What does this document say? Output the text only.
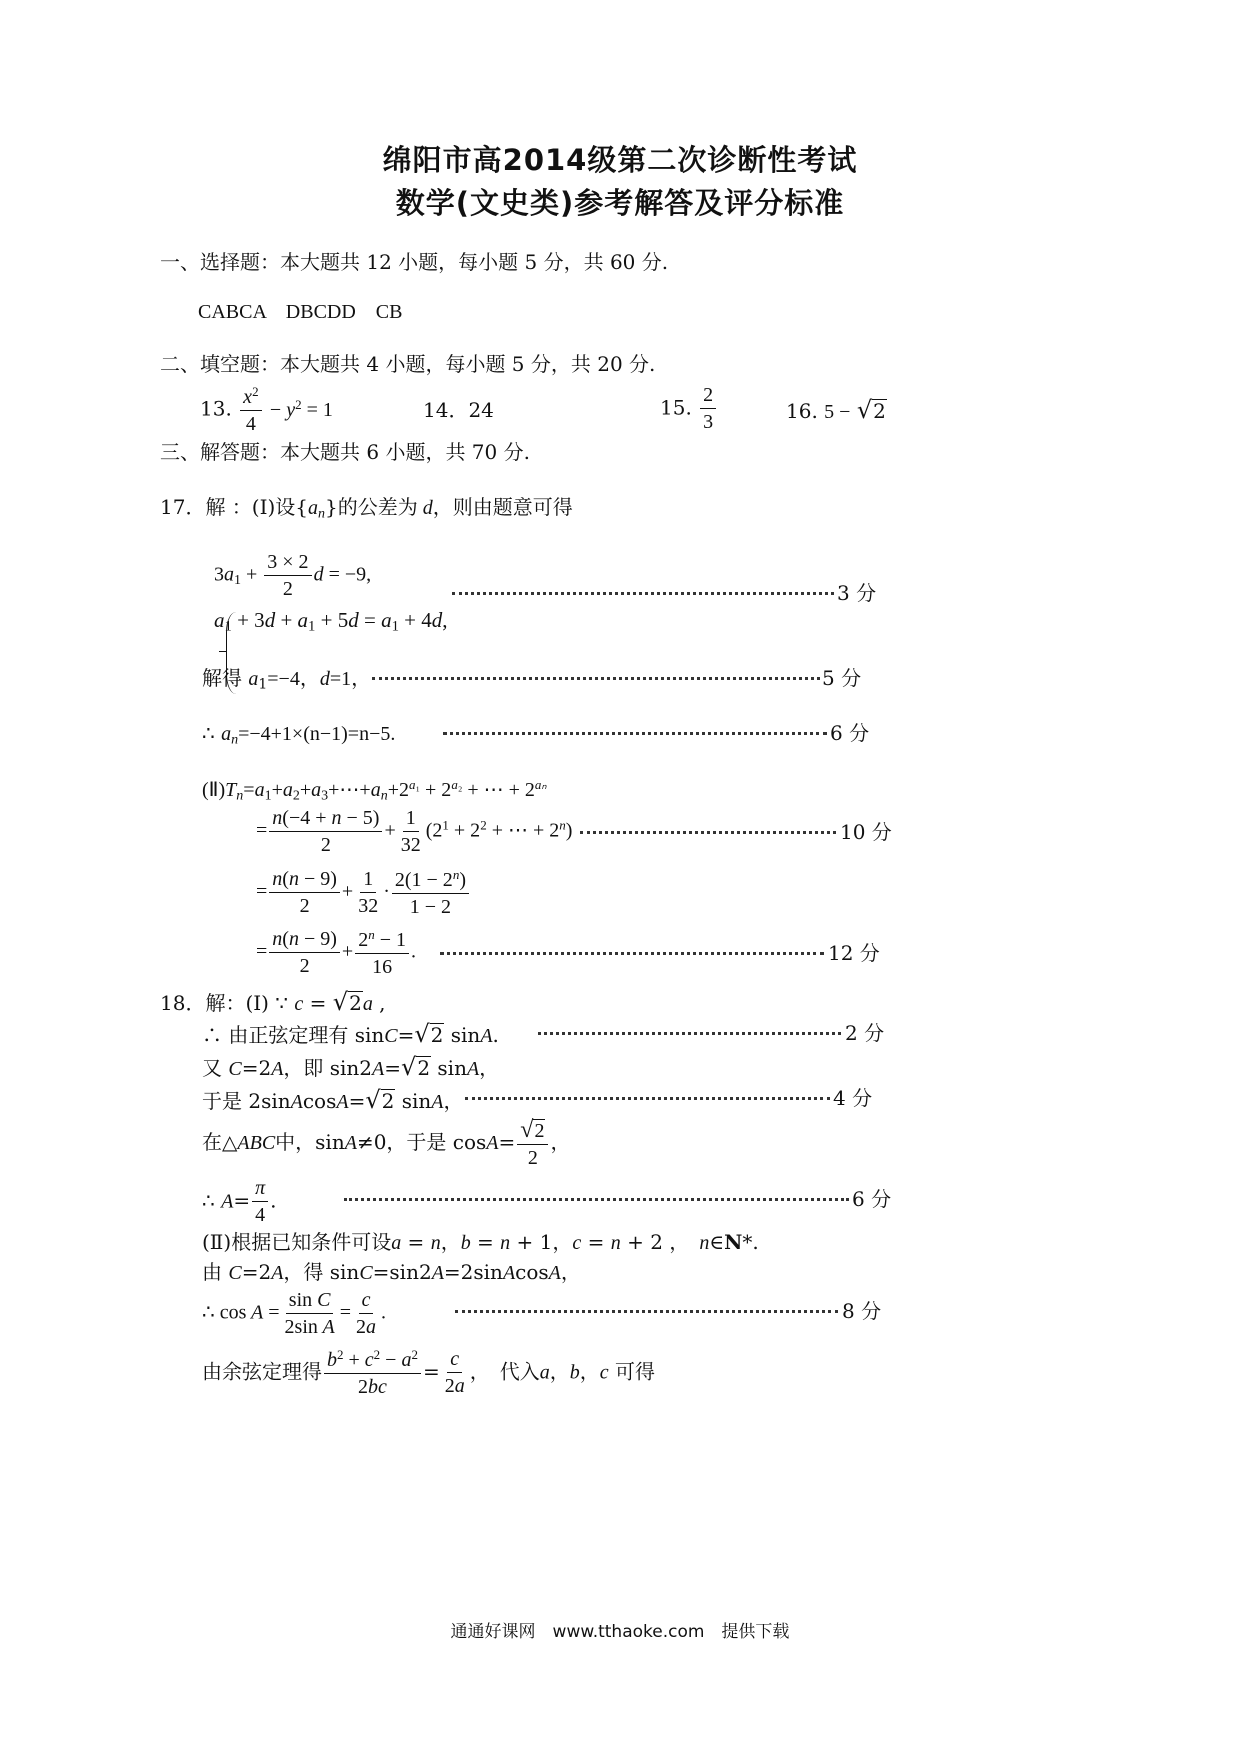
绵阳市高2014级第二次诊断性考试
数学(文史类)参考解答及评分标准
一、选择题：本大题共 12 小题，每小题 5 分，共 60 分.
CABCA　DBCDD　CB
二、填空题：本大题共 4 小题，每小题 5 分，共 20 分.
13. $\frac{x^2}{4} - y^2 = 1$	14．24	15. $\frac{2}{3}$	16. 5 − √ 2
三、解答题：本大题共 6 小题，共 70 分.
17．解 ：(Ⅰ)设$\{a_n\}$的公差为 d，则由题意可得
$3a_1 + \frac{3 \times 2}{2}$ d = −9,
$a_1 + 3d + a_1 + 5d = a_1 + 4d$,
3 分
解得 $a_1=-4$，d=1，	5 分
∴ $a_n=-4+1\times(n-1)=n-5$.	6 分
$(Ⅱ)T_n=a_1+a_2+a_3+\cdots+a_n+2^{a_1} + 2^{a_2}$ + ⋯ + $2^{a_n}$
= $\frac{n(-4 + n - 5)}{2} + \frac{1}{32} (2^1 + 2^2$ + ⋯ + $2^n$)	10 分
= $\frac{n(n - 9)}{2} + \frac{1}{32} \cdot \frac{2(1 - 2^n)}{1 - 2}$
= $\frac{n(n - 9)}{2} + \frac{2^n - 1}{16}$ .	12 分
18．解：(Ⅰ) ∵ c = √ 2 a ,
∴ 由正弦定理有 sinC= √ 2 sinA.	2 分
又 C=2A，即 sin2A= √ 2 sinA，
于是 2sinAcosA= √ 2 sinA，	4 分
在△ABC中，sinA≠0，于是 $\cos A= \frac{√ 2}{2}$ ，
∴ $A= \frac{\pi}{4}$ .	6 分
(Ⅱ)根据已知条件可设a = n，b = n + 1，c = n + 2 ，　n∈N*.
由 C=2A，得 sinC=sin2A=2sinAcosA，
∴ $\cos A = \frac{\text{sin C}}{\text{2sin A}} = \frac{c}{2a}$ .	8 分
由余弦定理得 $\frac{b^2 + c^2 - a^2}{2bc} = \frac{c}{2a}$ ，　代入a，b，c 可得
通通好课网　www.tthaoke.com　提供下载
